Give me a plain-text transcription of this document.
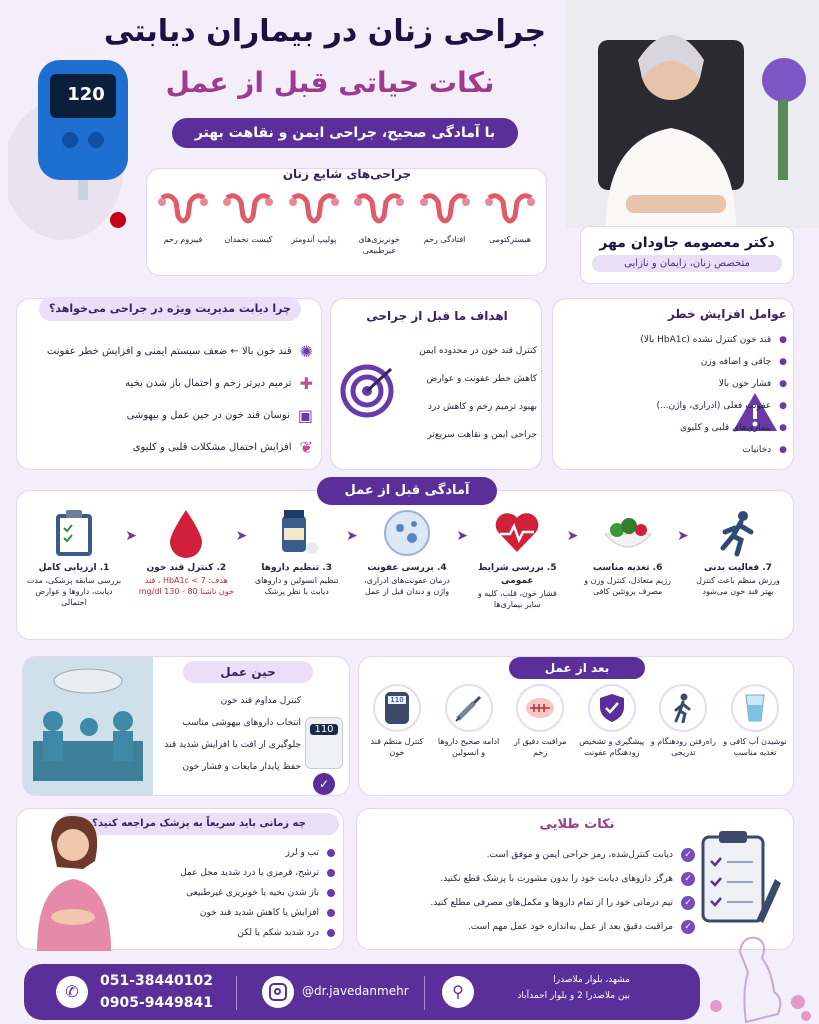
120
جراحی زنان در بیماران دیابتی
نکات حیاتی قبل از عمل
با آمادگی صحیح، جراحی ایمن و نقاهت بهتر
دکتر معصومه جاودان مهر
متخصص زنان، زایمان و نازایی
جراحی‌های شایع زنان
هیسترکتومی
افتادگی رحم
خونریزی‌های غیرطبیعی
پولیپ آندومتر
کیست تخمدان
فیبروم رحم
چرا دیابت مدیریت ویژه در جراحی می‌خواهد؟
✺
قند خون بالا ← ضعف سیستم ایمنی و افزایش خطر عفونت
✚
ترمیم دیرتر زخم و احتمال باز شدن بخیه
▣
نوسان قند خون در حین عمل و بیهوشی
❦
افزایش احتمال مشکلات قلبی و کلیوی
اهداف ما قبل از جراحی
کنترل قند خون در محدوده ایمن
کاهش خطر عفونت و عوارض
بهبود ترمیم زخم و کاهش درد
جراحی ایمن و نقاهت سریع‌تر
عوامل افزایش خطر
●
قند خون کنترل نشده (HbA1c بالا)
●
چاقی و اضافه وزن
●
فشار خون بالا
●
عفونت فعلی (ادراری، واژن...)
●
بیماری‌های قلبی و کلیوی
●
دخانیات
آمادگی قبل از عمل
1. ارزیابی کامل
بررسی سابقه پزشکی، مدت دیابت، داروها و عوارض احتمالی
➤
2. کنترل قند خون
هدف: HbA1c < 7 ، قند خون ناشتا 80 - 130 mg/dl
➤
3. تنظیم داروها
تنظیم انسولین و داروهای دیابت با نظر پزشک
➤
4. بررسی عفونت
درمان عفونت‌های ادراری، واژن و دندان قبل از عمل
➤
5. بررسی شرایط عمومی
فشار خون، قلب، کلیه و سایر بیماری‌ها
➤
6. تغذیه مناسب
رژیم متعادل، کنترل وزن و مصرف پروتئین کافی
➤
7. فعالیت بدنی
ورزش منظم باعث کنترل بهتر قند خون می‌شود
حین عمل
110
✓
کنترل مداوم قند خون
انتخاب داروهای بیهوشی مناسب
جلوگیری از افت یا افزایش شدید قند
حفظ پایدار مایعات و فشار خون
بعد از عمل
نوشیدن آب کافی و تغذیه مناسب
راه‌رفتن زودهنگام و تدریجی
پیشگیری و تشخیص زودهنگام عفونت
مراقبت دقیق از زخم
ادامه صحیح داروها و انسولین
110
کنترل منظم قند خون
چه زمانی باید سریعاً به پزشک مراجعه کنید؟
تب و لرز
ترشح، قرمزی یا درد شدید محل عمل
باز شدن بخیه یا خونریزی غیرطبیعی
افزایش یا کاهش شدید قند خون
درد شدید شکم یا لکن
نکات طلایی
✓
دیابت کنترل‌شده، رمز جراحی ایمن و موفق است.
✓
هرگز داروهای دیابت خود را بدون مشورت با پزشک قطع نکنید.
✓
تیم درمانی خود را از تمام داروها و مکمل‌های مصرفی مطلع کنید.
✓
مراقبت دقیق بعد از عمل به‌اندازه خود عمل مهم است.
✆
051-38440102
0905-9449841
@dr.javedanmehr	⚲
مشهد، بلوار ملاصدرا
بین ملاصدرا 2 و بلوار احمدآباد
